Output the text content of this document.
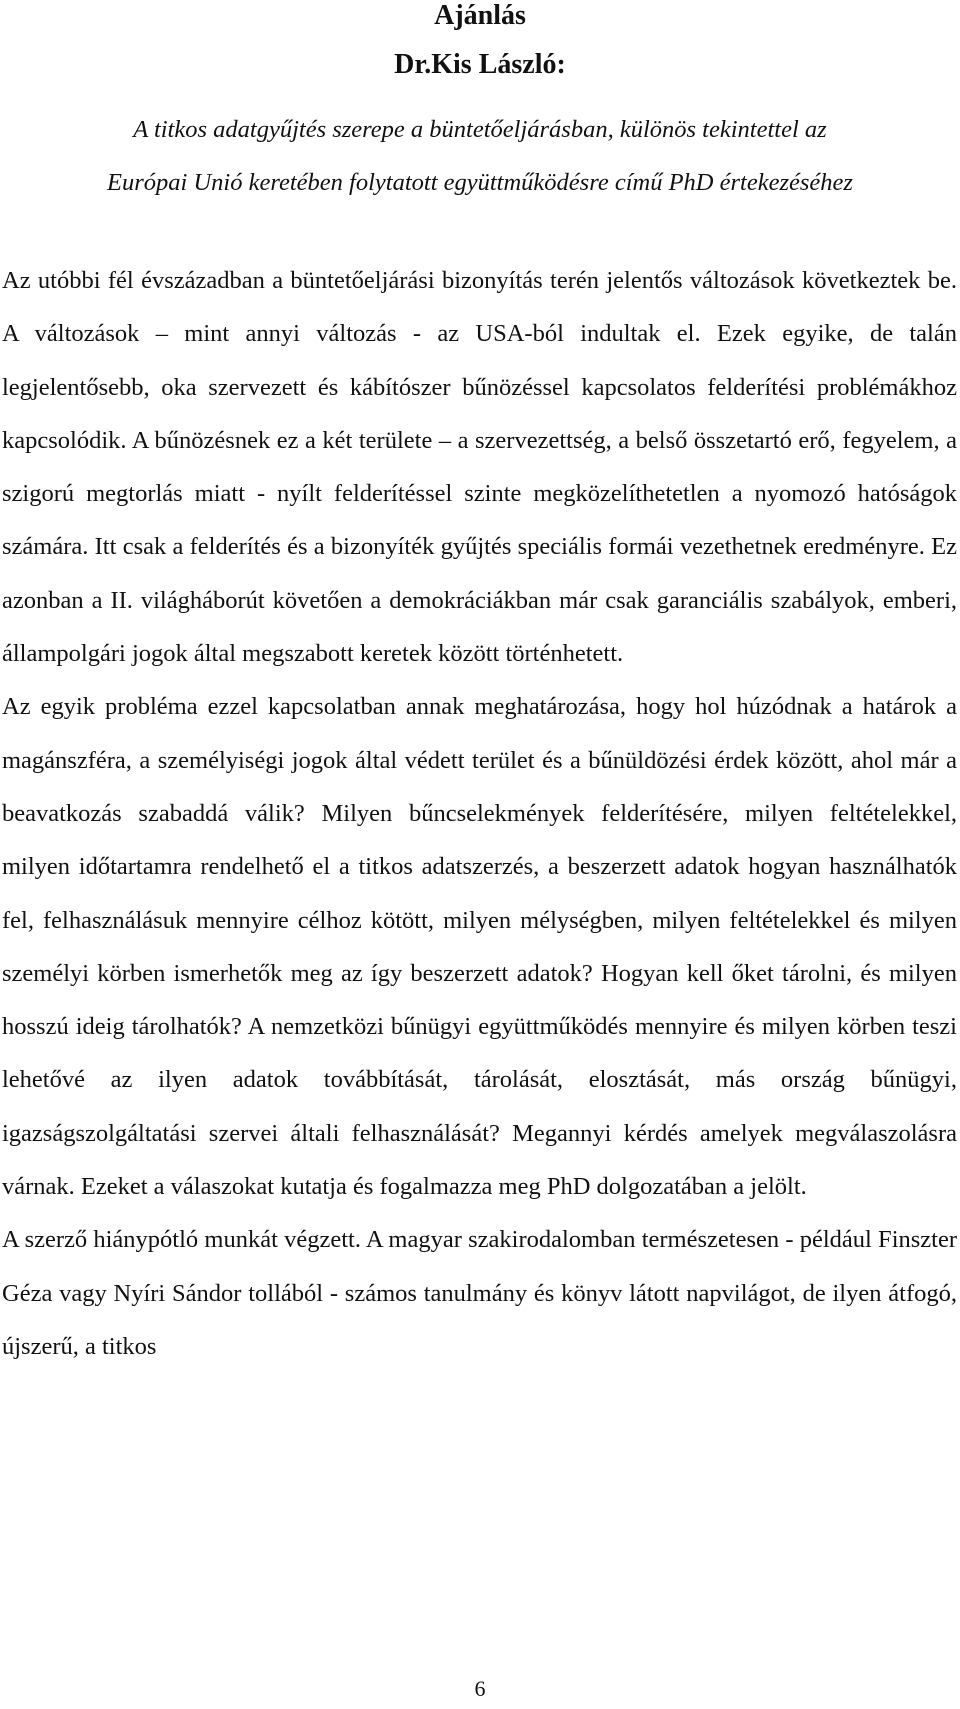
Ajánlás
Dr.Kis László:
A titkos adatgyűjtés szerepe a büntetőeljárásban, különös tekintettel az
Európai Unió keretében folytatott együttműködésre című PhD értekezéséhez

Az utóbbi fél évszázadban a büntetőeljárási bizonyítás terén jelentős változások következtek be. A változások – mint annyi változás - az USA-ból indultak el. Ezek egyike, de talán legjelentősebb, oka szervezett és kábítószer bűnözéssel kapcsolatos felderítési problémákhoz kapcsolódik. A bűnözésnek ez a két területe – a szervezettség, a belső összetartó erő, fegyelem, a szigorú megtorlás miatt - nyílt felderítéssel szinte megközelíthetetlen a nyomozó hatóságok számára. Itt csak a felderítés és a bizonyíték gyűjtés speciális formái vezethetnek eredményre. Ez azonban a II. világháborút követően a demokráciákban már csak garanciális szabályok, emberi, állampolgári jogok által megszabott keretek között történhetett.

Az egyik probléma ezzel kapcsolatban annak meghatározása, hogy hol húzódnak a határok a magánszféra, a személyiségi jogok által védett terület és a bűnüldözési érdek között, ahol már a beavatkozás szabaddá válik? Milyen bűncselekmények felderítésére, milyen feltételekkel, milyen időtartamra rendelhető el a titkos adatszerzés, a beszerzett adatok hogyan használhatók fel, felhasználásuk mennyire célhoz kötött, milyen mélységben, milyen feltételekkel és milyen személyi körben ismerhetők meg az így beszerzett adatok? Hogyan kell őket tárolni, és milyen hosszú ideig tárolhatók? A nemzetközi bűnügyi együttműködés mennyire és milyen körben teszi lehetővé az ilyen adatok továbbítását, tárolását, elosztását, más ország bűnügyi, igazságszolgáltatási szervei általi felhasználását? Megannyi kérdés amelyek megválaszolásra várnak. Ezeket a válaszokat kutatja és fogalmazza meg PhD dolgozatában a jelölt.

A szerző hiánypótló munkát végzett. A magyar szakirodalomban természetesen - például Finszter Géza vagy Nyíri Sándor tollából - számos tanulmány és könyv látott napvilágot, de ilyen átfogó, újszerű, a titkos

6
